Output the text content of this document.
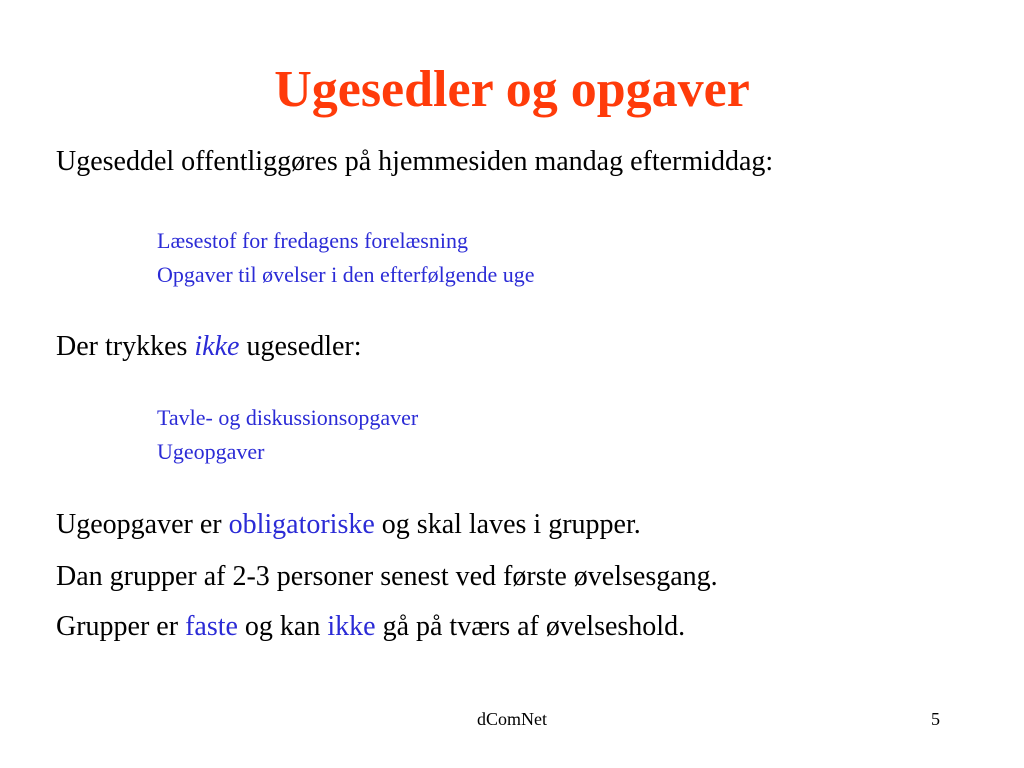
Ugesedler og opgaver
Ugeseddel offentliggøres på hjemmesiden mandag eftermiddag:
Læsestof for fredagens forelæsning
Opgaver til øvelser i den efterfølgende uge
Der trykkes ikke ugesedler:
Tavle- og diskussionsopgaver
Ugeopgaver
Ugeopgaver er obligatoriske og skal laves i grupper.
Dan grupper af 2-3 personer senest ved første øvelsesgang.
Grupper er faste og kan ikke gå på tværs af øvelseshold.
dComNet	5
